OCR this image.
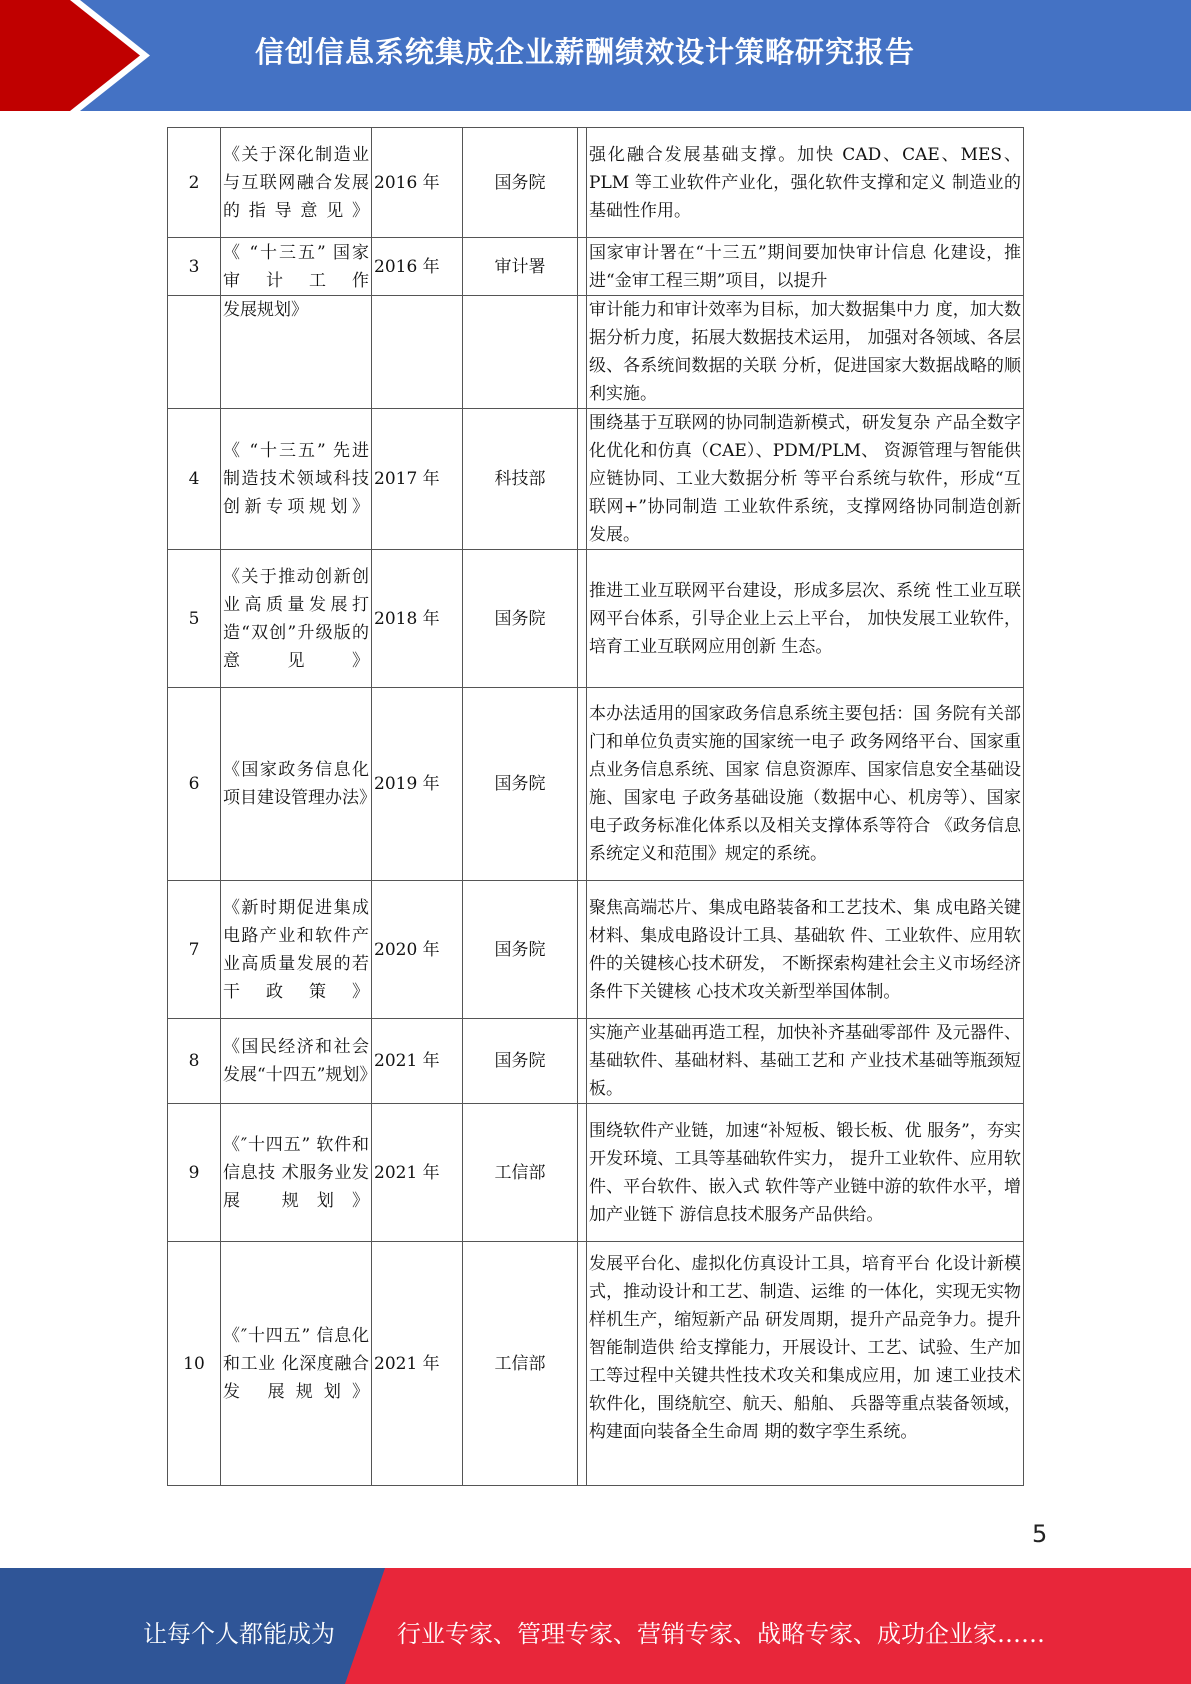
信创信息系统集成企业薪酬绩效设计策略研究报告
2	《关于深化制造业与互联网融合发展的指导意见》	2016 年	国务院		强化融合发展基础支撑。加快 CAD、CAE、MES、 PLM 等工业软件产业化，强化软件支撑和定义 制造业的基础性作用。
3	《 “十三五” 国家审计工作	2016 年	审计署		国家审计署在“十三五”期间要加快审计信息 化建设，推进“金审工程三期”项目，以提升
	发展规划》				审计能力和审计效率为目标，加大数据集中力 度，加大数据分析力度，拓展大数据技术运用， 加强对各领域、各层级、各系统间数据的关联 分析，促进国家大数据战略的顺利实施。
4	《 “十三五” 先进制造技术领域科技创新专项规划》	2017 年	科技部		围绕基于互联网的协同制造新模式，研发复杂 产品全数字化优化和仿真（CAE）、PDM/PLM、 资源管理与智能供应链协同、工业大数据分析 等平台系统与软件，形成“互联网+”协同制造 工业软件系统，支撑网络协同制造创新发展。
5	《关于推动创新创业高质量发展打造“双创”升级版的意见》	2018 年	国务院		推进工业互联网平台建设，形成多层次、系统 性工业互联网平台体系，引导企业上云上平台， 加快发展工业软件，培育工业互联网应用创新 生态。
6	《国家政务信息化项目建设管理办法》	2019 年	国务院		本办法适用的国家政务信息系统主要包括：国 务院有关部门和单位负责实施的国家统一电子 政务网络平台、国家重点业务信息系统、国家 信息资源库、国家信息安全基础设施、国家电 子政务基础设施（数据中心、机房等）、国家 电子政务标准化体系以及相关支撑体系等符合 《政务信息系统定义和范围》规定的系统。
7	《新时期促进集成电路产业和软件产业高质量发展的若干政策》	2020 年	国务院		聚焦高端芯片、集成电路装备和工艺技术、集 成电路关键材料、集成电路设计工具、基础软 件、工业软件、应用软件的关键核心技术研发， 不断探索构建社会主义市场经济条件下关键核 心技术攻关新型举国体制。
8	《国民经济和社会发展“十四五”规划》	2021 年	国务院		实施产业基础再造工程，加快补齐基础零部件 及元器件、基础软件、基础材料、基础工艺和 产业技术基础等瓶颈短板。
9	《″十四五” 软件和信息技 术服务业发展 规划》	2021 年	工信部		围绕软件产业链，加速“补短板、锻长板、优 服务”，夯实开发环境、工具等基础软件实力， 提升工业软件、应用软件、平台软件、嵌入式 软件等产业链中游的软件水平，增加产业链下 游信息技术服务产品供给。
10	《″十四五” 信息化和工业 化深度融合发 展规划》	2021 年	工信部		发展平台化、虚拟化仿真设计工具，培育平台 化设计新模式，推动设计和工艺、制造、运维 的一体化，实现无实物样机生产，缩短新产品 研发周期，提升产品竞争力。提升智能制造供 给支撑能力，开展设计、工艺、试验、生产加 工等过程中关键共性技术攻关和集成应用，加 速工业技术软件化，围绕航空、航天、船舶、 兵器等重点装备领域，构建面向装备全生命周 期的数字孪生系统。
5
让每个人都能成为	行业专家、管理专家、营销专家、战略专家、成功企业家……
